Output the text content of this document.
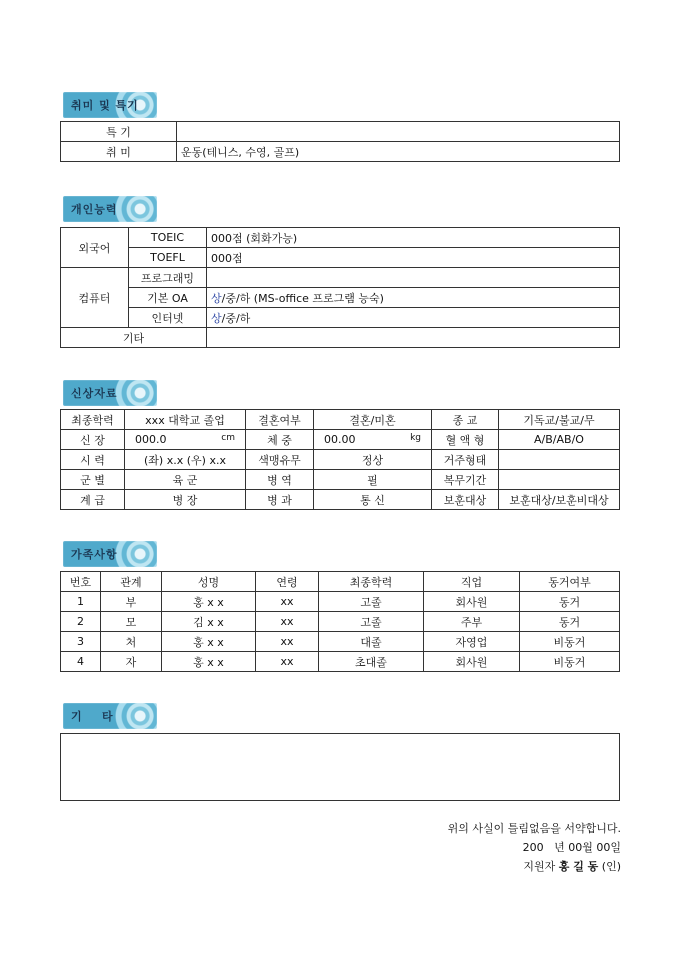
취미 및 특기
특 기	
취 미	운동(테니스, 수영, 골프)
개인능력
외국어	TOEIC	000점 (회화가능)
	TOEFL	000점
컴퓨터	프로그래밍	
	기본 OA	상/중/하 (MS-office 프로그램 능숙)
	인터넷	상/중/하
기타		
신상자료
최종학력	xxx 대학교 졸업	결혼여부	결혼/미혼	종 교	기독교/불교/무
신 장	000.0 cm	체 중	00.00 kg	혈 액 형	A/B/AB/O
시 력	(좌) x.x (우) x.x	색맹유무	정상	거주형태	
군 별	육 군	병 역	필	복무기간	
계 급	병 장	병 과	통 신	보훈대상	보훈대상/보훈비대상
가족사항
번호	관계	성명	연령	최종학력	직업	동거여부
1	부	홍 x x	xx	고졸	회사원	동거
2	모	김 x x	xx	고졸	주부	동거
3	처	홍 x x	xx	대졸	자영업	비동거
4	자	홍 x x	xx	초대졸	회사원	비동거
기    타
위의 사실이 틀림없음을 서약합니다.
200   년 00월 00일
지원자 홍 길 동 (인)
